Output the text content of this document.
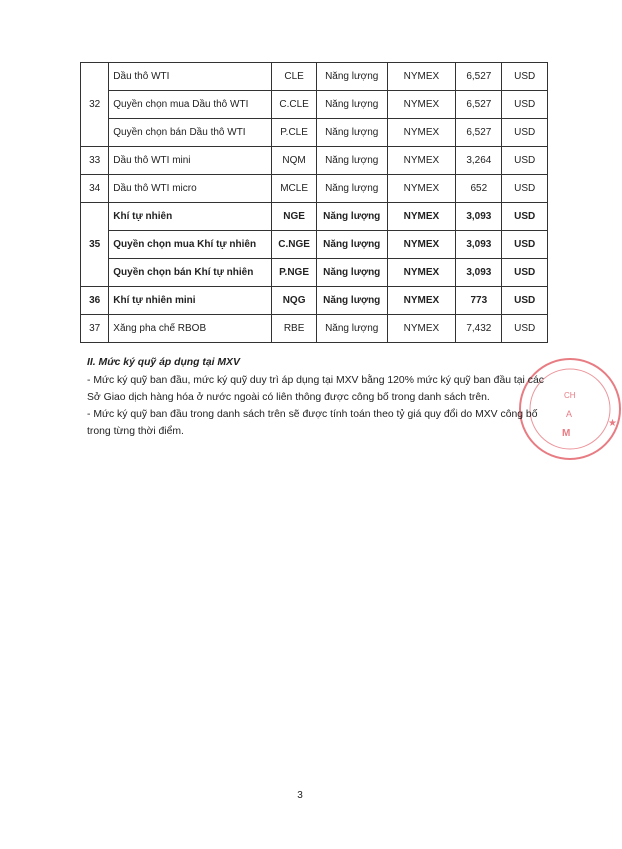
32	Dầu thô WTI	CLE	Năng lượng	NYMEX	6,527	USD
	Quyền chọn mua Dầu thô WTI	C.CLE	Năng lượng	NYMEX	6,527	USD
	Quyền chọn bán Dầu thô WTI	P.CLE	Năng lượng	NYMEX	6,527	USD
33	Dầu thô WTI mini	NQM	Năng lượng	NYMEX	3,264	USD
34	Dầu thô WTI micro	MCLE	Năng lượng	NYMEX	652	USD
35	Khí tự nhiên	NGE	Năng lượng	NYMEX	3,093	USD
	Quyền chọn mua Khí tự nhiên	C.NGE	Năng lượng	NYMEX	3,093	USD
	Quyền chọn bán Khí tự nhiên	P.NGE	Năng lượng	NYMEX	3,093	USD
36	Khí tự nhiên mini	NQG	Năng lượng	NYMEX	773	USD
37	Xăng pha chế RBOB	RBE	Năng lượng	NYMEX	7,432	USD
CH
A
M
★
II. Mức ký quỹ áp dụng tại MXV
- Mức ký quỹ ban đầu, mức ký quỹ duy trì áp dụng tại MXV bằng 120% mức ký quỹ ban đầu tại các Sở Giao dịch hàng hóa ở nước ngoài có liên thông được công bố trong danh sách trên.
- Mức ký quỹ ban đầu trong danh sách trên sẽ được tính toán theo tỷ giá quy đổi do MXV công bố trong từng thời điểm.
3
